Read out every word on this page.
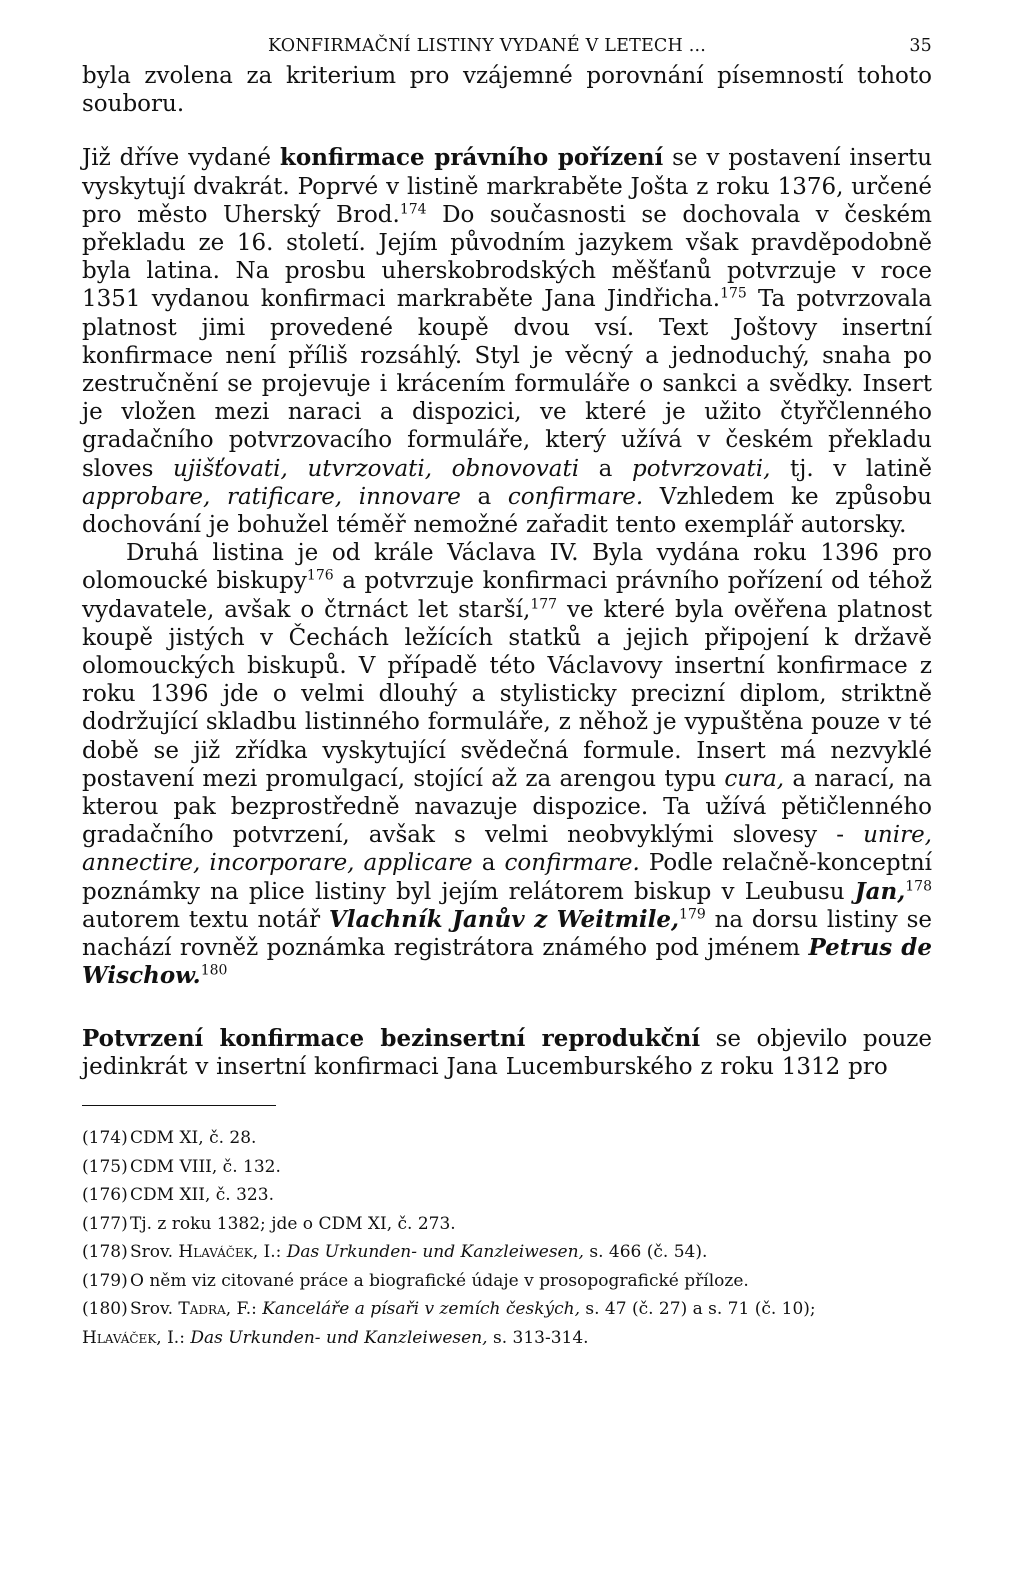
KONFIRMAČNÍ LISTINY VYDANÉ V LETECH ...	35

byla zvolena za kriterium pro vzájemné porovnání písemností tohoto souboru.

Již dříve vydané konfirmace právního pořízení se v postavení insertu vyskytují dvakrát. Poprvé v listině markraběte Jošta z roku 1376, určené pro město Uherský Brod.$^{174}$ Do současnosti se dochovala v českém překladu ze 16. století. Jejím původním jazykem však pravděpodobně byla latina. Na prosbu uherskobrodských měšťanů potvrzuje v roce 1351 vydanou konfirmaci markraběte Jana Jindřicha.$^{175}$ Ta potvrzovala platnost jimi provedené koupě dvou vsí. Text Joštovy insertní konfirmace není příliš rozsáhlý. Styl je věcný a jednoduchý, snaha po zestručnění se projevuje i krácením formuláře o sankci a svědky. Insert je vložen mezi naraci a dispozici, ve které je užito čtyřčlenného gradačního potvrzovacího formuláře, který užívá v českém překladu sloves ujišťovati, utvrzovati, obnovovati a potvrzovati, tj. v latině approbare, ratificare, innovare a confirmare. Vzhledem ke způsobu dochování je bohužel téměř nemožné zařadit tento exemplář autorsky.

Druhá listina je od krále Václava IV. Byla vydána roku 1396 pro olomoucké biskupy$^{176}$ a potvrzuje konfirmaci právního pořízení od téhož vydavatele, avšak o čtrnáct let starší,$^{177}$ ve které byla ověřena platnost koupě jistých v Čechách ležících statků a jejich připojení k državě olomouckých biskupů. V případě této Václavovy insertní konfirmace z roku 1396 jde o velmi dlouhý a stylisticky precizní diplom, striktně dodržující skladbu listinného formuláře, z něhož je vypuštěna pouze v té době se již zřídka vyskytující svědečná formule. Insert má nezvyklé postavení mezi promulgací, stojící až za arengou typu cura, a narací, na kterou pak bezprostředně navazuje dispozice. Ta užívá pětičlenného gradačního potvrzení, avšak s velmi neobvyklými slovesy - unire, annectire, incorporare, applicare a confirmare. Podle relačně-konceptní poznámky na plice listiny byl jejím relátorem biskup v Leubusu Jan,$^{178}$ autorem textu notář Vlachník Janův z Weitmile,$^{179}$ na dorsu listiny se nachází rovněž poznámka registrátora známého pod jménem Petrus de Wischow.$^{180}$

Potvrzení konfirmace bezinsertní reprodukční se objevilo pouze jedinkrát v insertní konfirmaci Jana Lucemburského z roku 1312 pro

(174) CDM XI, č. 28.
(175) CDM VIII, č. 132.
(176) CDM XII, č. 323.
(177) Tj. z roku 1382; jde o CDM XI, č. 273.
(178) Srov. Hlaváček, I.: Das Urkunden- und Kanzleiwesen, s. 466 (č. 54).
(179) O něm viz citované práce a biografické údaje v prosopografické příloze.
(180) Srov. Tadra, F.: Kanceláře a písaři v zemích českých, s. 47 (č. 27) a s. 71 (č. 10);
Hlaváček, I.: Das Urkunden- und Kanzleiwesen, s. 313-314.
